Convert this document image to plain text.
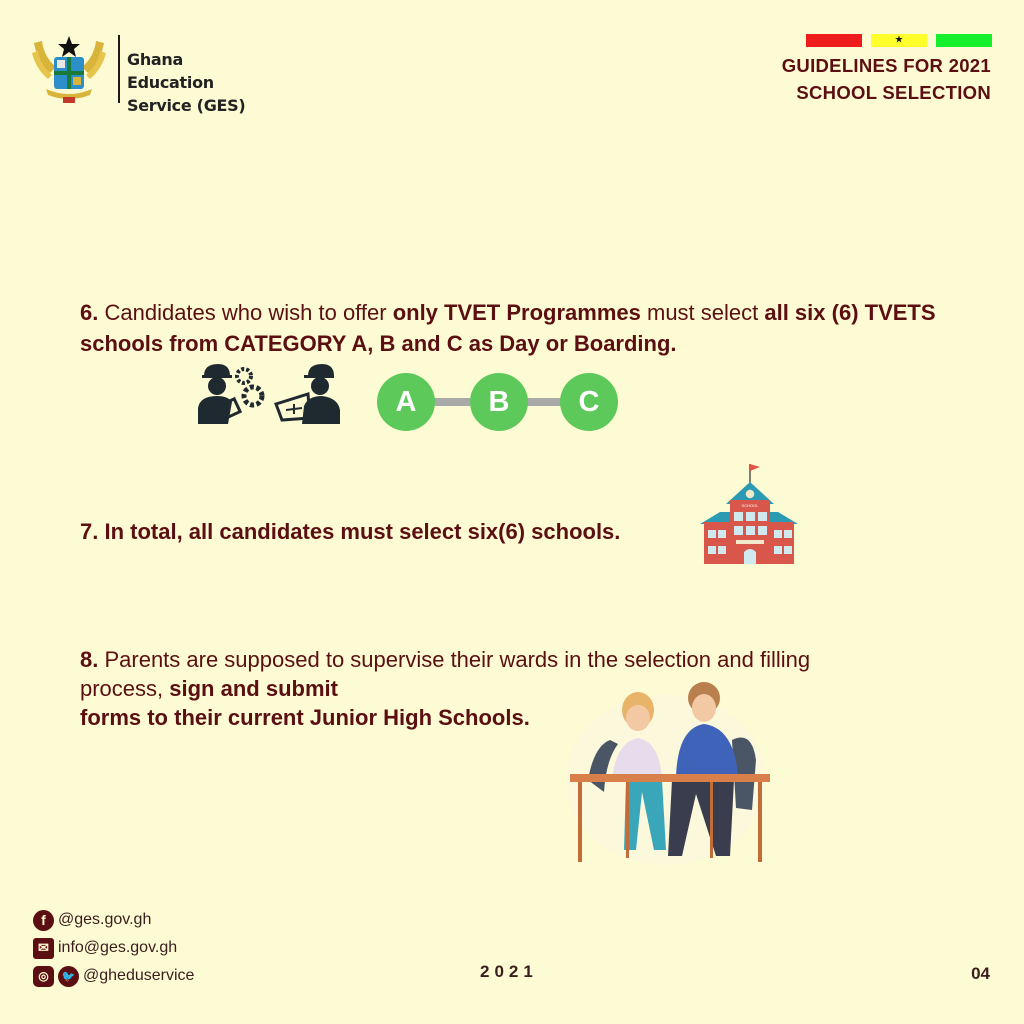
Ghana Education
Service (GES)
★
GUIDELINES FOR 2021
SCHOOL SELECTION
6. Candidates who wish to offer only TVET Programmes must select all six (6) TVETS schools from CATEGORY A, B and C as Day or Boarding.
A	B	C
7. In total, all candidates must select six(6) schools.
SCHOOL
8. Parents are supposed to supervise their wards in the selection and filling process, sign and submit
forms to their current Junior High Schools.
f @ges.gov.gh
✉ info@ges.gov.gh
◎	🐦 @gheduservice	2021	04
